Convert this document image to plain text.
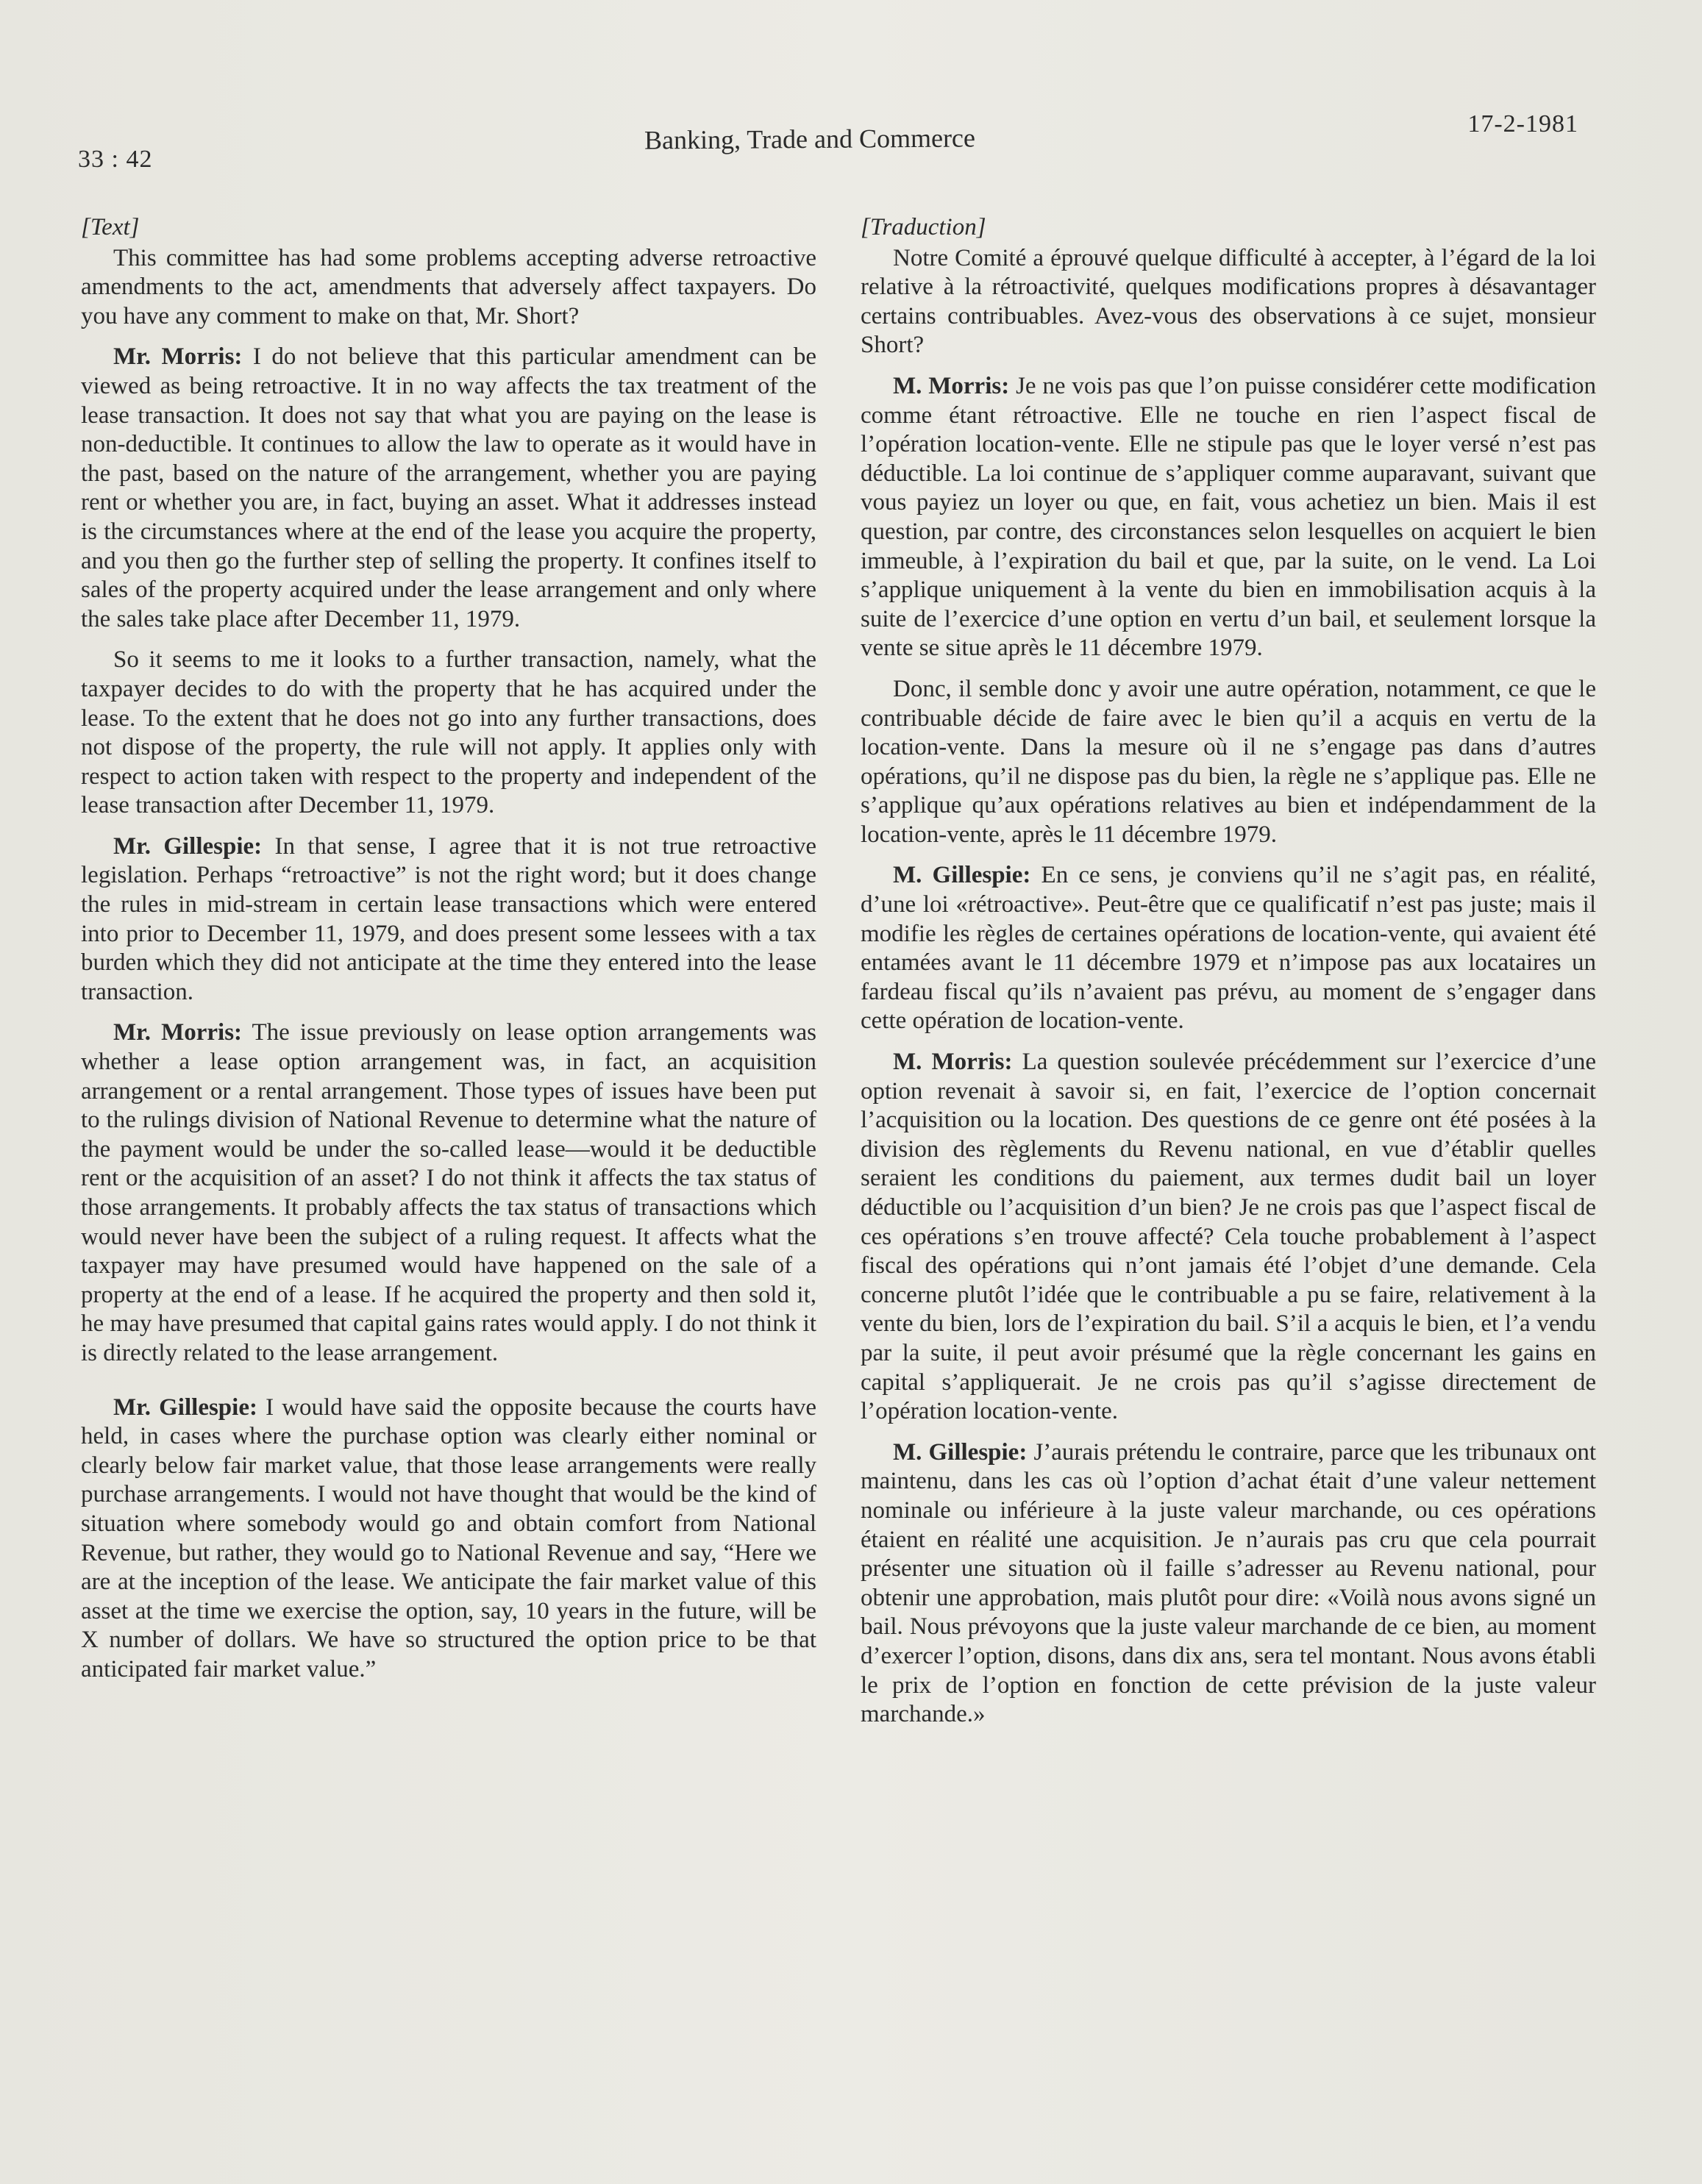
33 : 42
Banking, Trade and Commerce	17-2-1981
[Text]

This committee has had some problems accepting adverse retroactive amendments to the act, amendments that adversely affect taxpayers. Do you have any comment to make on that, Mr. Short?

Mr. Morris: I do not believe that this particular amendment can be viewed as being retroactive. It in no way affects the tax treatment of the lease transaction. It does not say that what you are paying on the lease is non-deductible. It continues to allow the law to operate as it would have in the past, based on the nature of the arrangement, whether you are paying rent or whether you are, in fact, buying an asset. What it addresses instead is the circumstances where at the end of the lease you acquire the property, and you then go the further step of selling the property. It confines itself to sales of the property acquired under the lease arrangement and only where the sales take place after December 11, 1979.

So it seems to me it looks to a further transaction, namely, what the taxpayer decides to do with the property that he has acquired under the lease. To the extent that he does not go into any further transactions, does not dispose of the property, the rule will not apply. It applies only with respect to action taken with respect to the property and independent of the lease transaction after December 11, 1979.

Mr. Gillespie: In that sense, I agree that it is not true retroactive legislation. Perhaps “retroactive” is not the right word; but it does change the rules in mid-stream in certain lease transactions which were entered into prior to December 11, 1979, and does present some lessees with a tax burden which they did not anticipate at the time they entered into the lease transaction.

Mr. Morris: The issue previously on lease option arrangements was whether a lease option arrangement was, in fact, an acquisition arrangement or a rental arrangement. Those types of issues have been put to the rulings division of National Revenue to determine what the nature of the payment would be under the so-called lease—would it be deductible rent or the acquisition of an asset? I do not think it affects the tax status of those arrangements. It probably affects the tax status of transactions which would never have been the subject of a ruling request. It affects what the taxpayer may have presumed would have happened on the sale of a property at the end of a lease. If he acquired the property and then sold it, he may have presumed that capital gains rates would apply. I do not think it is directly related to the lease arrangement.

Mr. Gillespie: I would have said the opposite because the courts have held, in cases where the purchase option was clearly either nominal or clearly below fair market value, that those lease arrangements were really purchase arrangements. I would not have thought that would be the kind of situation where somebody would go and obtain comfort from National Revenue, but rather, they would go to National Revenue and say, “Here we are at the inception of the lease. We anticipate the fair market value of this asset at the time we exercise the option, say, 10 years in the future, will be X number of dollars. We have so structured the option price to be that anticipated fair market value.”

[Traduction]

Notre Comité a éprouvé quelque difficulté à accepter, à l’égard de la loi relative à la rétroactivité, quelques modifications propres à désavantager certains contribuables. Avez-vous des observations à ce sujet, monsieur Short?

M. Morris: Je ne vois pas que l’on puisse considérer cette modification comme étant rétroactive. Elle ne touche en rien l’aspect fiscal de l’opération location-vente. Elle ne stipule pas que le loyer versé n’est pas déductible. La loi continue de s’appliquer comme auparavant, suivant que vous payiez un loyer ou que, en fait, vous achetiez un bien. Mais il est question, par contre, des circonstances selon lesquelles on acquiert le bien immeuble, à l’expiration du bail et que, par la suite, on le vend. La Loi s’applique uniquement à la vente du bien en immobilisation acquis à la suite de l’exercice d’une option en vertu d’un bail, et seulement lorsque la vente se situe après le 11 décembre 1979.

Donc, il semble donc y avoir une autre opération, notamment, ce que le contribuable décide de faire avec le bien qu’il a acquis en vertu de la location-vente. Dans la mesure où il ne s’engage pas dans d’autres opérations, qu’il ne dispose pas du bien, la règle ne s’applique pas. Elle ne s’applique qu’aux opérations relatives au bien et indépendamment de la location-vente, après le 11 décembre 1979.

M. Gillespie: En ce sens, je conviens qu’il ne s’agit pas, en réalité, d’une loi «rétroactive». Peut-être que ce qualificatif n’est pas juste; mais il modifie les règles de certaines opérations de location-vente, qui avaient été entamées avant le 11 décembre 1979 et n’impose pas aux locataires un fardeau fiscal qu’ils n’avaient pas prévu, au moment de s’engager dans cette opération de location-vente.

M. Morris: La question soulevée précédemment sur l’exercice d’une option revenait à savoir si, en fait, l’exercice de l’option concernait l’acquisition ou la location. Des questions de ce genre ont été posées à la division des règlements du Revenu national, en vue d’établir quelles seraient les conditions du paiement, aux termes dudit bail un loyer déductible ou l’acquisition d’un bien? Je ne crois pas que l’aspect fiscal de ces opérations s’en trouve affecté? Cela touche probablement à l’aspect fiscal des opérations qui n’ont jamais été l’objet d’une demande. Cela concerne plutôt l’idée que le contribuable a pu se faire, relativement à la vente du bien, lors de l’expiration du bail. S’il a acquis le bien, et l’a vendu par la suite, il peut avoir présumé que la règle concernant les gains en capital s’appliquerait. Je ne crois pas qu’il s’agisse directement de l’opération location-vente.

M. Gillespie: J’aurais prétendu le contraire, parce que les tribunaux ont maintenu, dans les cas où l’option d’achat était d’une valeur nettement nominale ou inférieure à la juste valeur marchande, ou ces opérations étaient en réalité une acquisition. Je n’aurais pas cru que cela pourrait présenter une situation où il faille s’adresser au Revenu national, pour obtenir une approbation, mais plutôt pour dire: «Voilà nous avons signé un bail. Nous prévoyons que la juste valeur marchande de ce bien, au moment d’exercer l’option, disons, dans dix ans, sera tel montant. Nous avons établi le prix de l’option en fonction de cette prévision de la juste valeur marchande.»
